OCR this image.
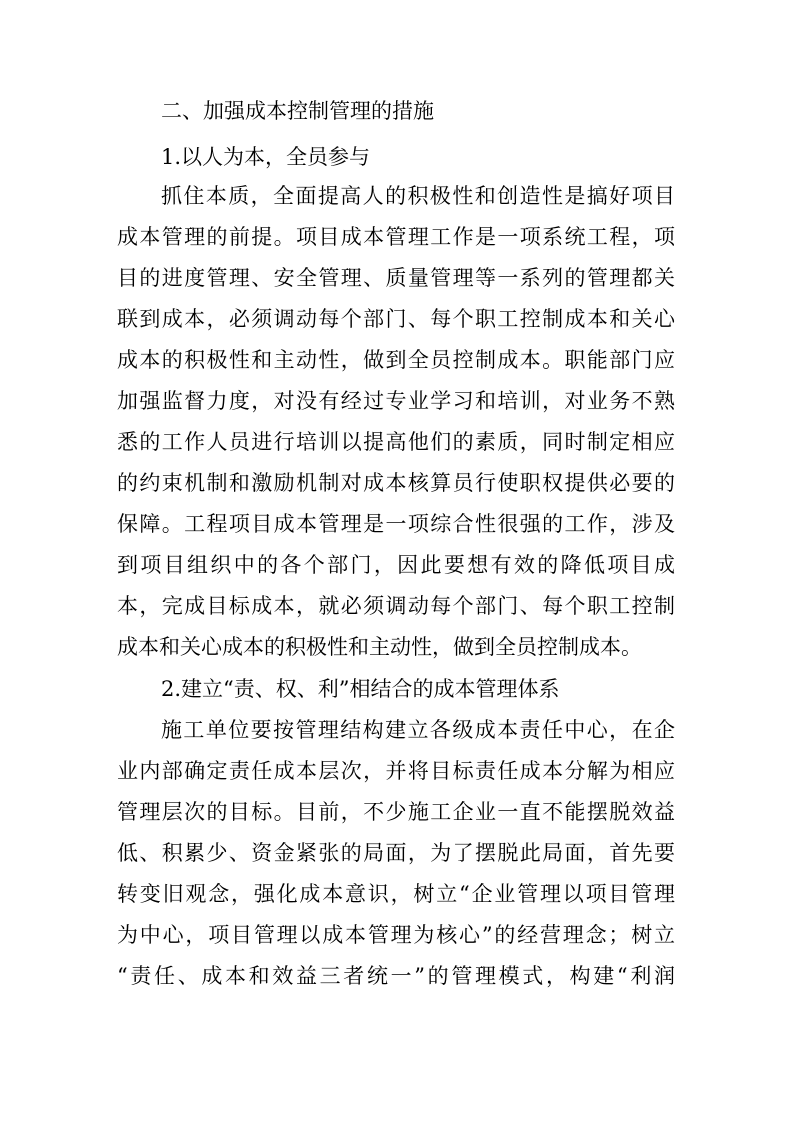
二、加强成本控制管理的措施
1.以人为本，全员参与
抓住本质，全面提高人的积极性和创造性是搞好项目
成本管理的前提。项目成本管理工作是一项系统工程，项
目的进度管理、安全管理、质量管理等一系列的管理都关
联到成本，必须调动每个部门、每个职工控制成本和关心
成本的积极性和主动性，做到全员控制成本。职能部门应
加强监督力度，对没有经过专业学习和培训，对业务不熟
悉的工作人员进行培训以提高他们的素质，同时制定相应
的约束机制和激励机制对成本核算员行使职权提供必要的
保障。工程项目成本管理是一项综合性很强的工作，涉及
到项目组织中的各个部门，因此要想有效的降低项目成
本，完成目标成本，就必须调动每个部门、每个职工控制
成本和关心成本的积极性和主动性，做到全员控制成本。
2.建立“责、权、利”相结合的成本管理体系
施工单位要按管理结构建立各级成本责任中心，在企
业内部确定责任成本层次，并将目标责任成本分解为相应
管理层次的目标。目前，不少施工企业一直不能摆脱效益
低、积累少、资金紧张的局面，为了摆脱此局面，首先要
转变旧观念，强化成本意识，树立“企业管理以项目管理
为中心，项目管理以成本管理为核心”的经营理念；树立
“责任、成本和效益三者统一”的管理模式，构建“利润
